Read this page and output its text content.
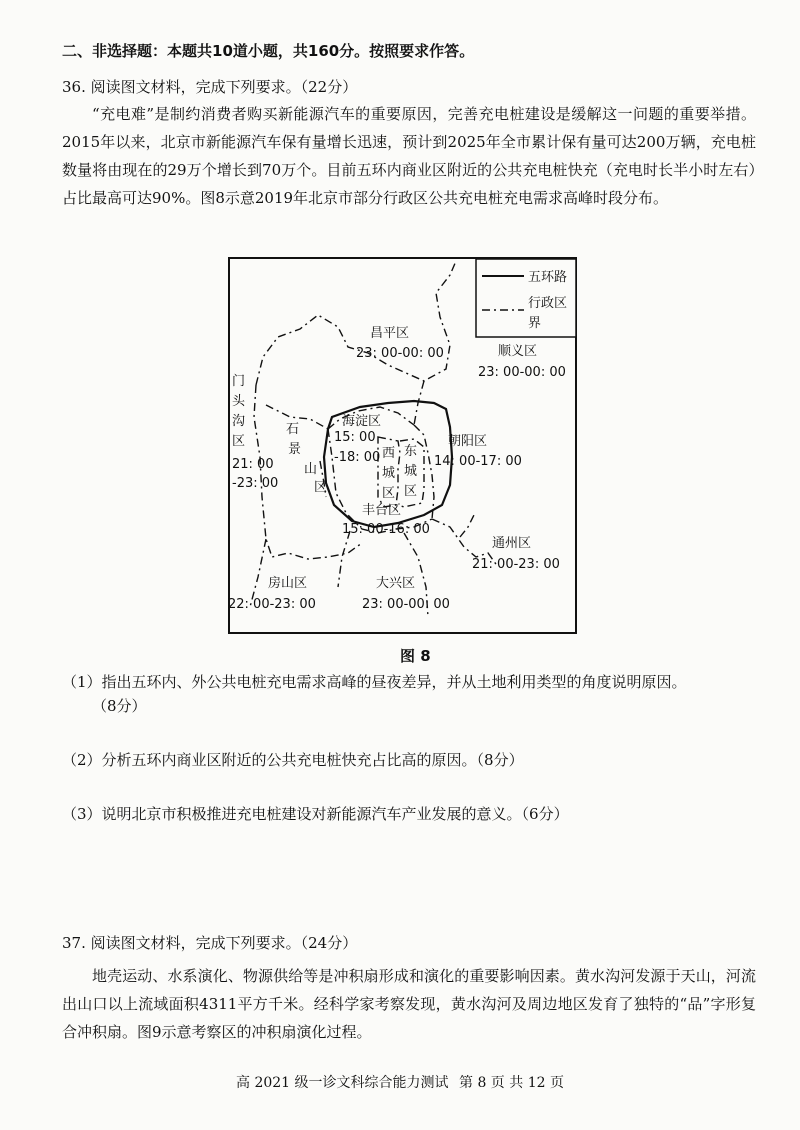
二、非选择题：本题共10道小题，共160分。按照要求作答。
36. 阅读图文材料，完成下列要求。（22分）
“充电难”是制约消费者购买新能源汽车的重要原因，完善充电桩建设是缓解这一问题的重要举措。2015年以来，北京市新能源汽车保有量增长迅速，预计到2025年全市累计保有量可达200万辆，充电桩数量将由现在的29万个增长到70万个。目前五环内商业区附近的公共充电桩快充（充电时长半小时左右）占比最高可达90%。图8示意2019年北京市部分行政区公共充电桩充电需求高峰时段分布。
五环路
行政区
界
昌平区
23: 00-00: 00	顺义区
23: 00-00: 00
门
头
沟
区
21: 00
-23: 00
石
景
山
区
海淀区
15: 00
-18: 00 西
城
区
东
城
区
朝阳区
14: 00-17: 00
丰台区
15: 00-16: 00
通州区
21: 00-23: 00
房山区
22: 00-23: 00
大兴区
23: 00-00: 00
图 8
（1）指出五环内、外公共电桩充电需求高峰的昼夜差异，并从土地利用类型的角度说明原因。
（8分）
（2）分析五环内商业区附近的公共充电桩快充占比高的原因。（8分）
（3）说明北京市积极推进充电桩建设对新能源汽车产业发展的意义。（6分）
37. 阅读图文材料，完成下列要求。（24分）
地壳运动、水系演化、物源供给等是冲积扇形成和演化的重要影响因素。黄水沟河发源于天山，河流出山口以上流域面积4311平方千米。经科学家考察发现，黄水沟河及周边地区发育了独特的“品”字形复合冲积扇。图9示意考察区的冲积扇演化过程。
高 2021 级一诊文科综合能力测试 第 8 页 共 12 页
